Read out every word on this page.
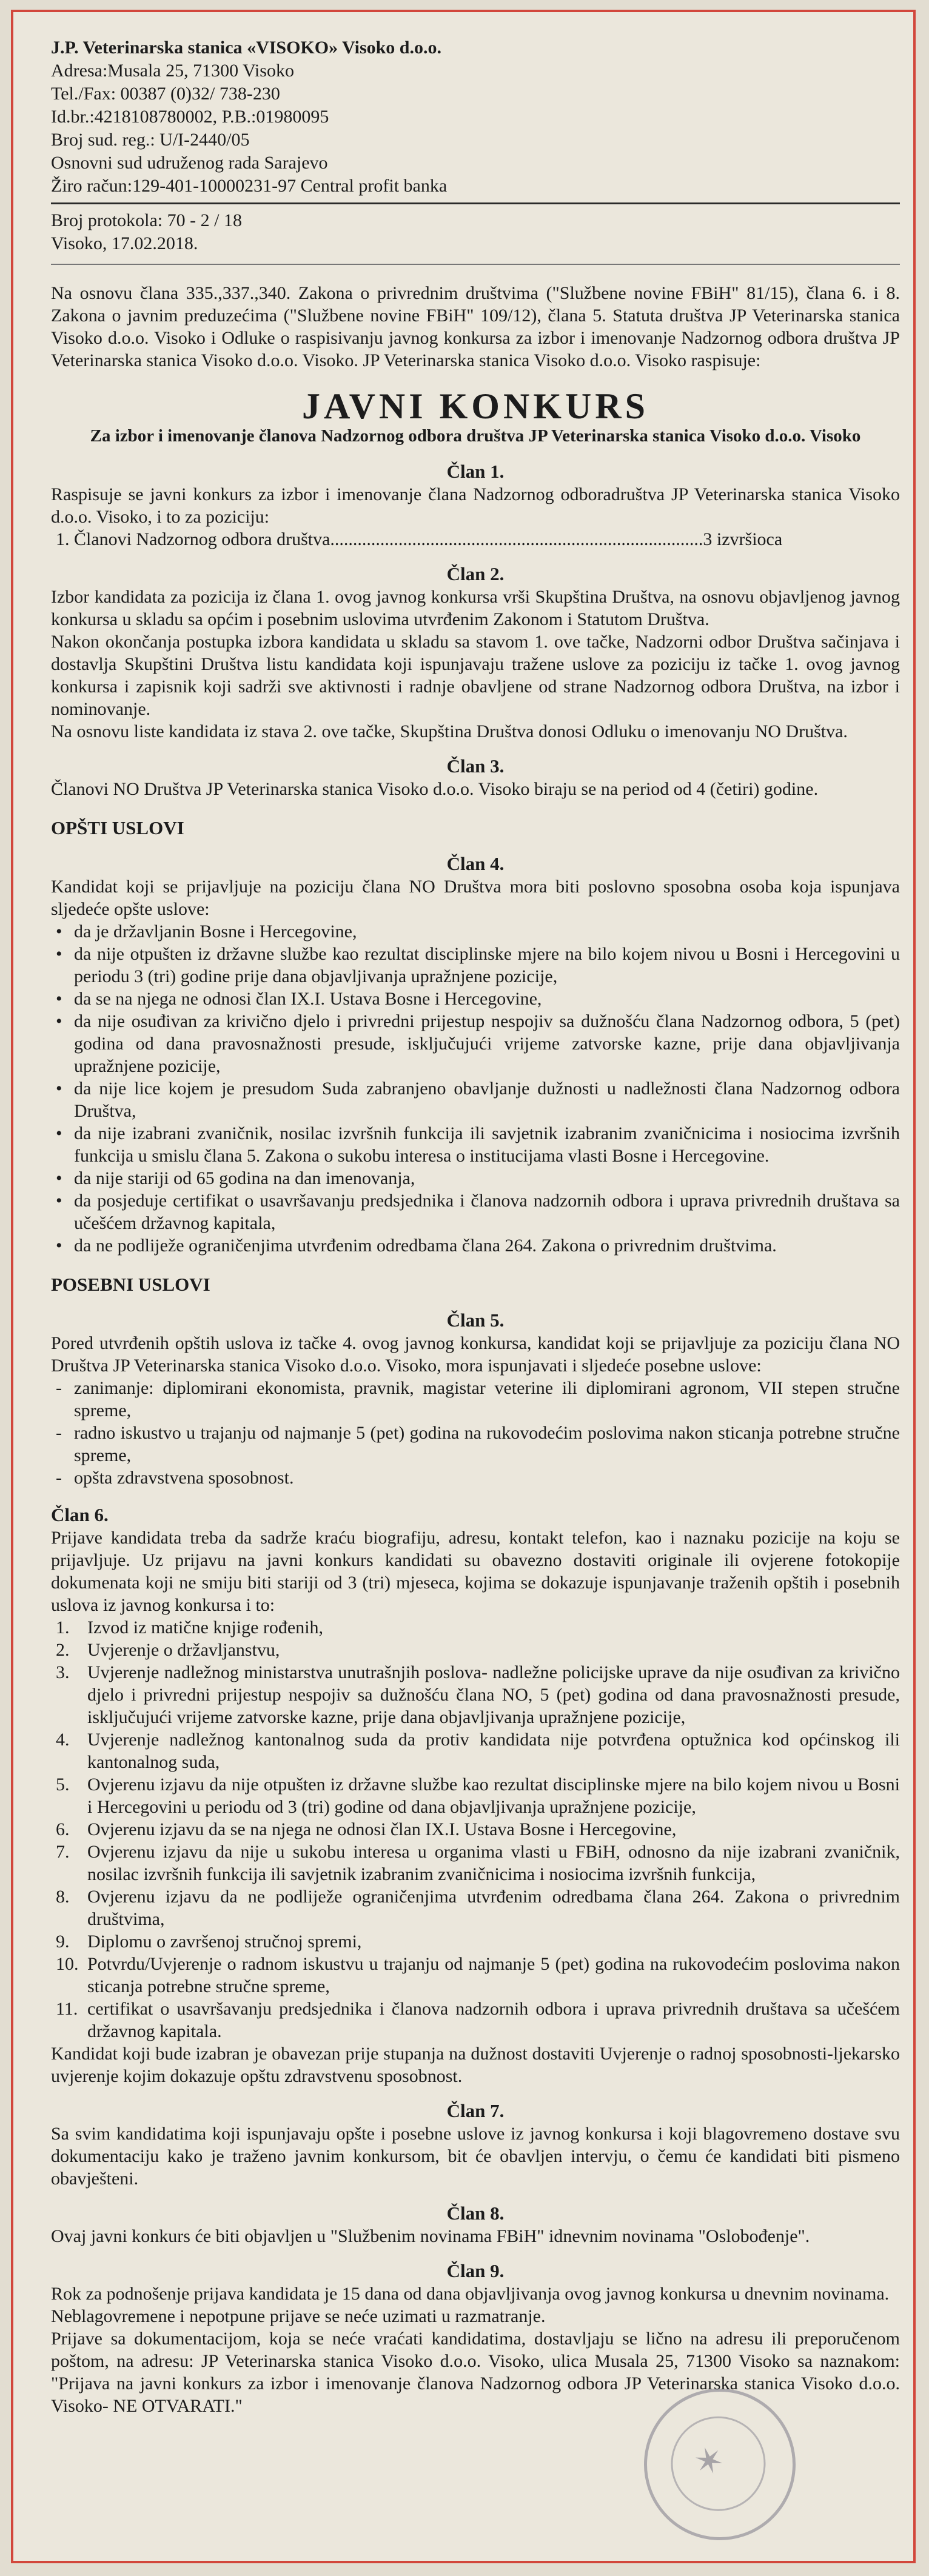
J.P. Veterinarska stanica «VISOKO» Visoko d.o.o.
Adresa:Musala 25, 71300 Visoko
Tel./Fax: 00387 (0)32/ 738-230
Id.br.:4218108780002, P.B.:01980095
Broj sud. reg.: U/I-2440/05
Osnovni sud udruženog rada Sarajevo
Žiro račun:129-401-10000231-97 Central profit banka
Broj protokola: 70 - 2 / 18
Visoko, 17.02.2018.

Na osnovu člana 335.,337.,340. Zakona o privrednim društvima ("Službene novine FBiH" 81/15), člana 6. i 8. Zakona o javnim preduzećima ("Službene novine FBiH" 109/12), člana 5. Statuta društva JP Veterinarska stanica Visoko d.o.o. Visoko i Odluke o raspisivanju javnog konkursa za izbor i imenovanje Nadzornog odbora društva JP Veterinarska stanica Visoko d.o.o. Visoko. JP Veterinarska stanica Visoko d.o.o. Visoko raspisuje:

JAVNI KONKURS
Za izbor i imenovanje članova Nadzornog odbora društva JP Veterinarska stanica Visoko d.o.o. Visoko
Član 1.

Raspisuje se javni konkurs za izbor i imenovanje člana Nadzornog odboradruštva JP Veterinarska stanica Visoko d.o.o. Visoko, i to za poziciju:

1. Članovi Nadzornog odbora društva..................................................................................3 izvršioca
Član 2.

Izbor kandidata za pozicija iz člana 1. ovog javnog konkursa vrši Skupština Društva, na osnovu objavljenog javnog konkursa u skladu sa općim i posebnim uslovima utvrđenim Zakonom i Statutom Društva.

Nakon okončanja postupka izbora kandidata u skladu sa stavom 1. ove tačke, Nadzorni odbor Društva sačinjava i dostavlja Skupštini Društva listu kandidata koji ispunjavaju tražene uslove za poziciju iz tačke 1. ovog javnog konkursa i zapisnik koji sadrži sve aktivnosti i radnje obavljene od strane Nadzornog odbora Društva, na izbor i nominovanje.

Na osnovu liste kandidata iz stava 2. ove tačke, Skupština Društva donosi Odluku o imenovanju NO Društva.

Član 3.

Članovi NO Društva JP Veterinarska stanica Visoko d.o.o. Visoko biraju se na period od 4 (četiri) godine.

OPŠTI USLOVI
Član 4.

Kandidat koji se prijavljuje na poziciju člana NO Društva mora biti poslovno sposobna osoba koja ispunjava sljedeće opšte uslove:

• da je državljanin Bosne i Hercegovine,
• da nije otpušten iz državne službe kao rezultat disciplinske mjere na bilo kojem nivou u Bosni i Hercegovini u periodu 3 (tri) godine prije dana objavljivanja upražnjene pozicije,
• da se na njega ne odnosi član IX.I. Ustava Bosne i Hercegovine,
• da nije osuđivan za krivično djelo i privredni prijestup nespojiv sa dužnošću člana Nadzornog odbora, 5 (pet) godina od dana pravosnažnosti presude, isključujući vrijeme zatvorske kazne, prije dana objavljivanja upražnjene pozicije,
• da nije lice kojem je presudom Suda zabranjeno obavljanje dužnosti u nadležnosti člana Nadzornog odbora Društva,
• da nije izabrani zvaničnik, nosilac izvršnih funkcija ili savjetnik izabranim zvaničnicima i nosiocima izvršnih funkcija u smislu člana 5. Zakona o sukobu interesa o institucijama vlasti Bosne i Hercegovine.
• da nije stariji od 65 godina na dan imenovanja,
• da posjeduje certifikat o usavršavanju predsjednika i članova nadzornih odbora i uprava privrednih društava sa učešćem državnog kapitala,
• da ne podliježe ograničenjima utvrđenim odredbama člana 264. Zakona o privrednim društvima.
POSEBNI USLOVI
Član 5.

Pored utvrđenih opštih uslova iz tačke 4. ovog javnog konkursa, kandidat koji se prijavljuje za poziciju člana NO Društva JP Veterinarska stanica Visoko d.o.o. Visoko, mora ispunjavati i sljedeće posebne uslove:

- zanimanje: diplomirani ekonomista, pravnik, magistar veterine ili diplomirani agronom, VII stepen stručne spreme,
- radno iskustvo u trajanju od najmanje 5 (pet) godina na rukovodećim poslovima nakon sticanja potrebne stručne spreme,
- opšta zdravstvena sposobnost.
Član 6.

Prijave kandidata treba da sadrže kraću biografiju, adresu, kontakt telefon, kao i naznaku pozicije na koju se prijavljuje. Uz prijavu na javni konkurs kandidati su obavezno dostaviti originale ili ovjerene fotokopije dokumenata koji ne smiju biti stariji od 3 (tri) mjeseca, kojima se dokazuje ispunjavanje traženih opštih i posebnih uslova iz javnog konkursa i to:

1. Izvod iz matične knjige rođenih,
2. Uvjerenje o državljanstvu,
3. Uvjerenje nadležnog ministarstva unutrašnjih poslova- nadležne policijske uprave da nije osuđivan za krivično djelo i privredni prijestup nespojiv sa dužnošću člana NO, 5 (pet) godina od dana pravosnažnosti presude, isključujući vrijeme zatvorske kazne, prije dana objavljivanja upražnjene pozicije,
4. Uvjerenje nadležnog kantonalnog suda da protiv kandidata nije potvrđena optužnica kod općinskog ili kantonalnog suda,
5. Ovjerenu izjavu da nije otpušten iz državne službe kao rezultat disciplinske mjere na bilo kojem nivou u Bosni i Hercegovini u periodu od 3 (tri) godine od dana objavljivanja upražnjene pozicije,
6. Ovjerenu izjavu da se na njega ne odnosi član IX.I. Ustava Bosne i Hercegovine,
7. Ovjerenu izjavu da nije u sukobu interesa u organima vlasti u FBiH, odnosno da nije izabrani zvaničnik, nosilac izvršnih funkcija ili savjetnik izabranim zvaničnicima i nosiocima izvršnih funkcija,
8. Ovjerenu izjavu da ne podliježe ograničenjima utvrđenim odredbama člana 264. Zakona o privrednim društvima,
9. Diplomu o završenoj stručnoj spremi,
10. Potvrdu/Uvjerenje o radnom iskustvu u trajanju od najmanje 5 (pet) godina na rukovodećim poslovima nakon sticanja potrebne stručne spreme,
11. certifikat o usavršavanju predsjednika i članova nadzornih odbora i uprava privrednih društava sa učešćem državnog kapitala.

Kandidat koji bude izabran je obavezan prije stupanja na dužnost dostaviti Uvjerenje o radnoj sposobnosti-ljekarsko uvjerenje kojim dokazuje opštu zdravstvenu sposobnost.

Član 7.

Sa svim kandidatima koji ispunjavaju opšte i posebne uslove iz javnog konkursa i koji blagovremeno dostave svu dokumentaciju kako je traženo javnim konkursom, bit će obavljen intervju, o čemu će kandidati biti pismeno obavješteni.

Član 8.

Ovaj javni konkurs će biti objavljen u "Službenim novinama FBiH" idnevnim novinama "Oslobođenje".

Član 9.

Rok za podnošenje prijava kandidata je 15 dana od dana objavljivanja ovog javnog konkursa u dnevnim novinama.

Neblagovremene i nepotpune prijave se neće uzimati u razmatranje.

Prijave sa dokumentacijom, koja se neće vraćati kandidatima, dostavljaju se lično na adresu ili preporučenom poštom, na adresu: JP Veterinarska stanica Visoko d.o.o. Visoko, ulica Musala 25, 71300 Visoko sa naznakom: "Prijava na javni konkurs za izbor i imenovanje članova Nadzornog odbora JP Veterinarska stanica Visoko d.o.o. Visoko- NE OTVARATI."

✶
